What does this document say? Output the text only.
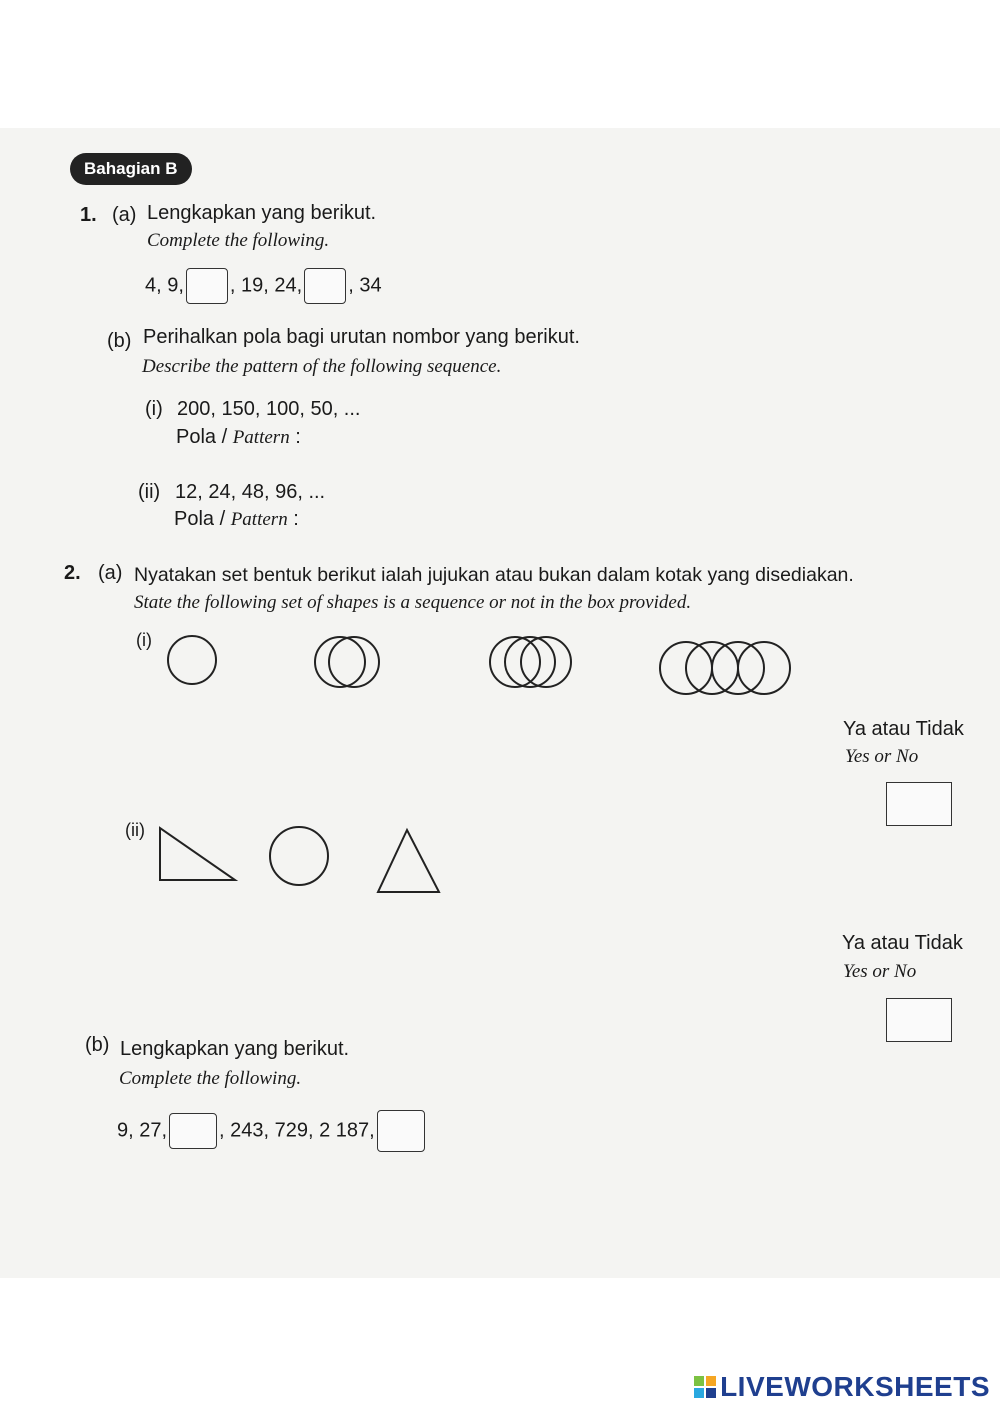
Bahagian B
1. (a) Lengkapkan yang berikut.
Complete the following.
4, 9, , 19, 24, , 34
(b) Perihalkan pola bagi urutan nombor yang berikut.
Describe the pattern of the following sequence.
(i) 200, 150, 100, 50, ...
Pola / Pattern :
(ii) 12, 24, 48, 96, ...
Pola / Pattern :
2. (a) Nyatakan set bentuk berikut ialah jujukan atau bukan dalam kotak yang disediakan.
State the following set of shapes is a sequence or not in the box provided.
(i)
Ya atau Tidak
Yes or No
(ii)
Ya atau Tidak
Yes or No
(b) Lengkapkan yang berikut.
Complete the following.
9, 27,	, 243, 729, 2 187,
LIVEWORKSHEETS
